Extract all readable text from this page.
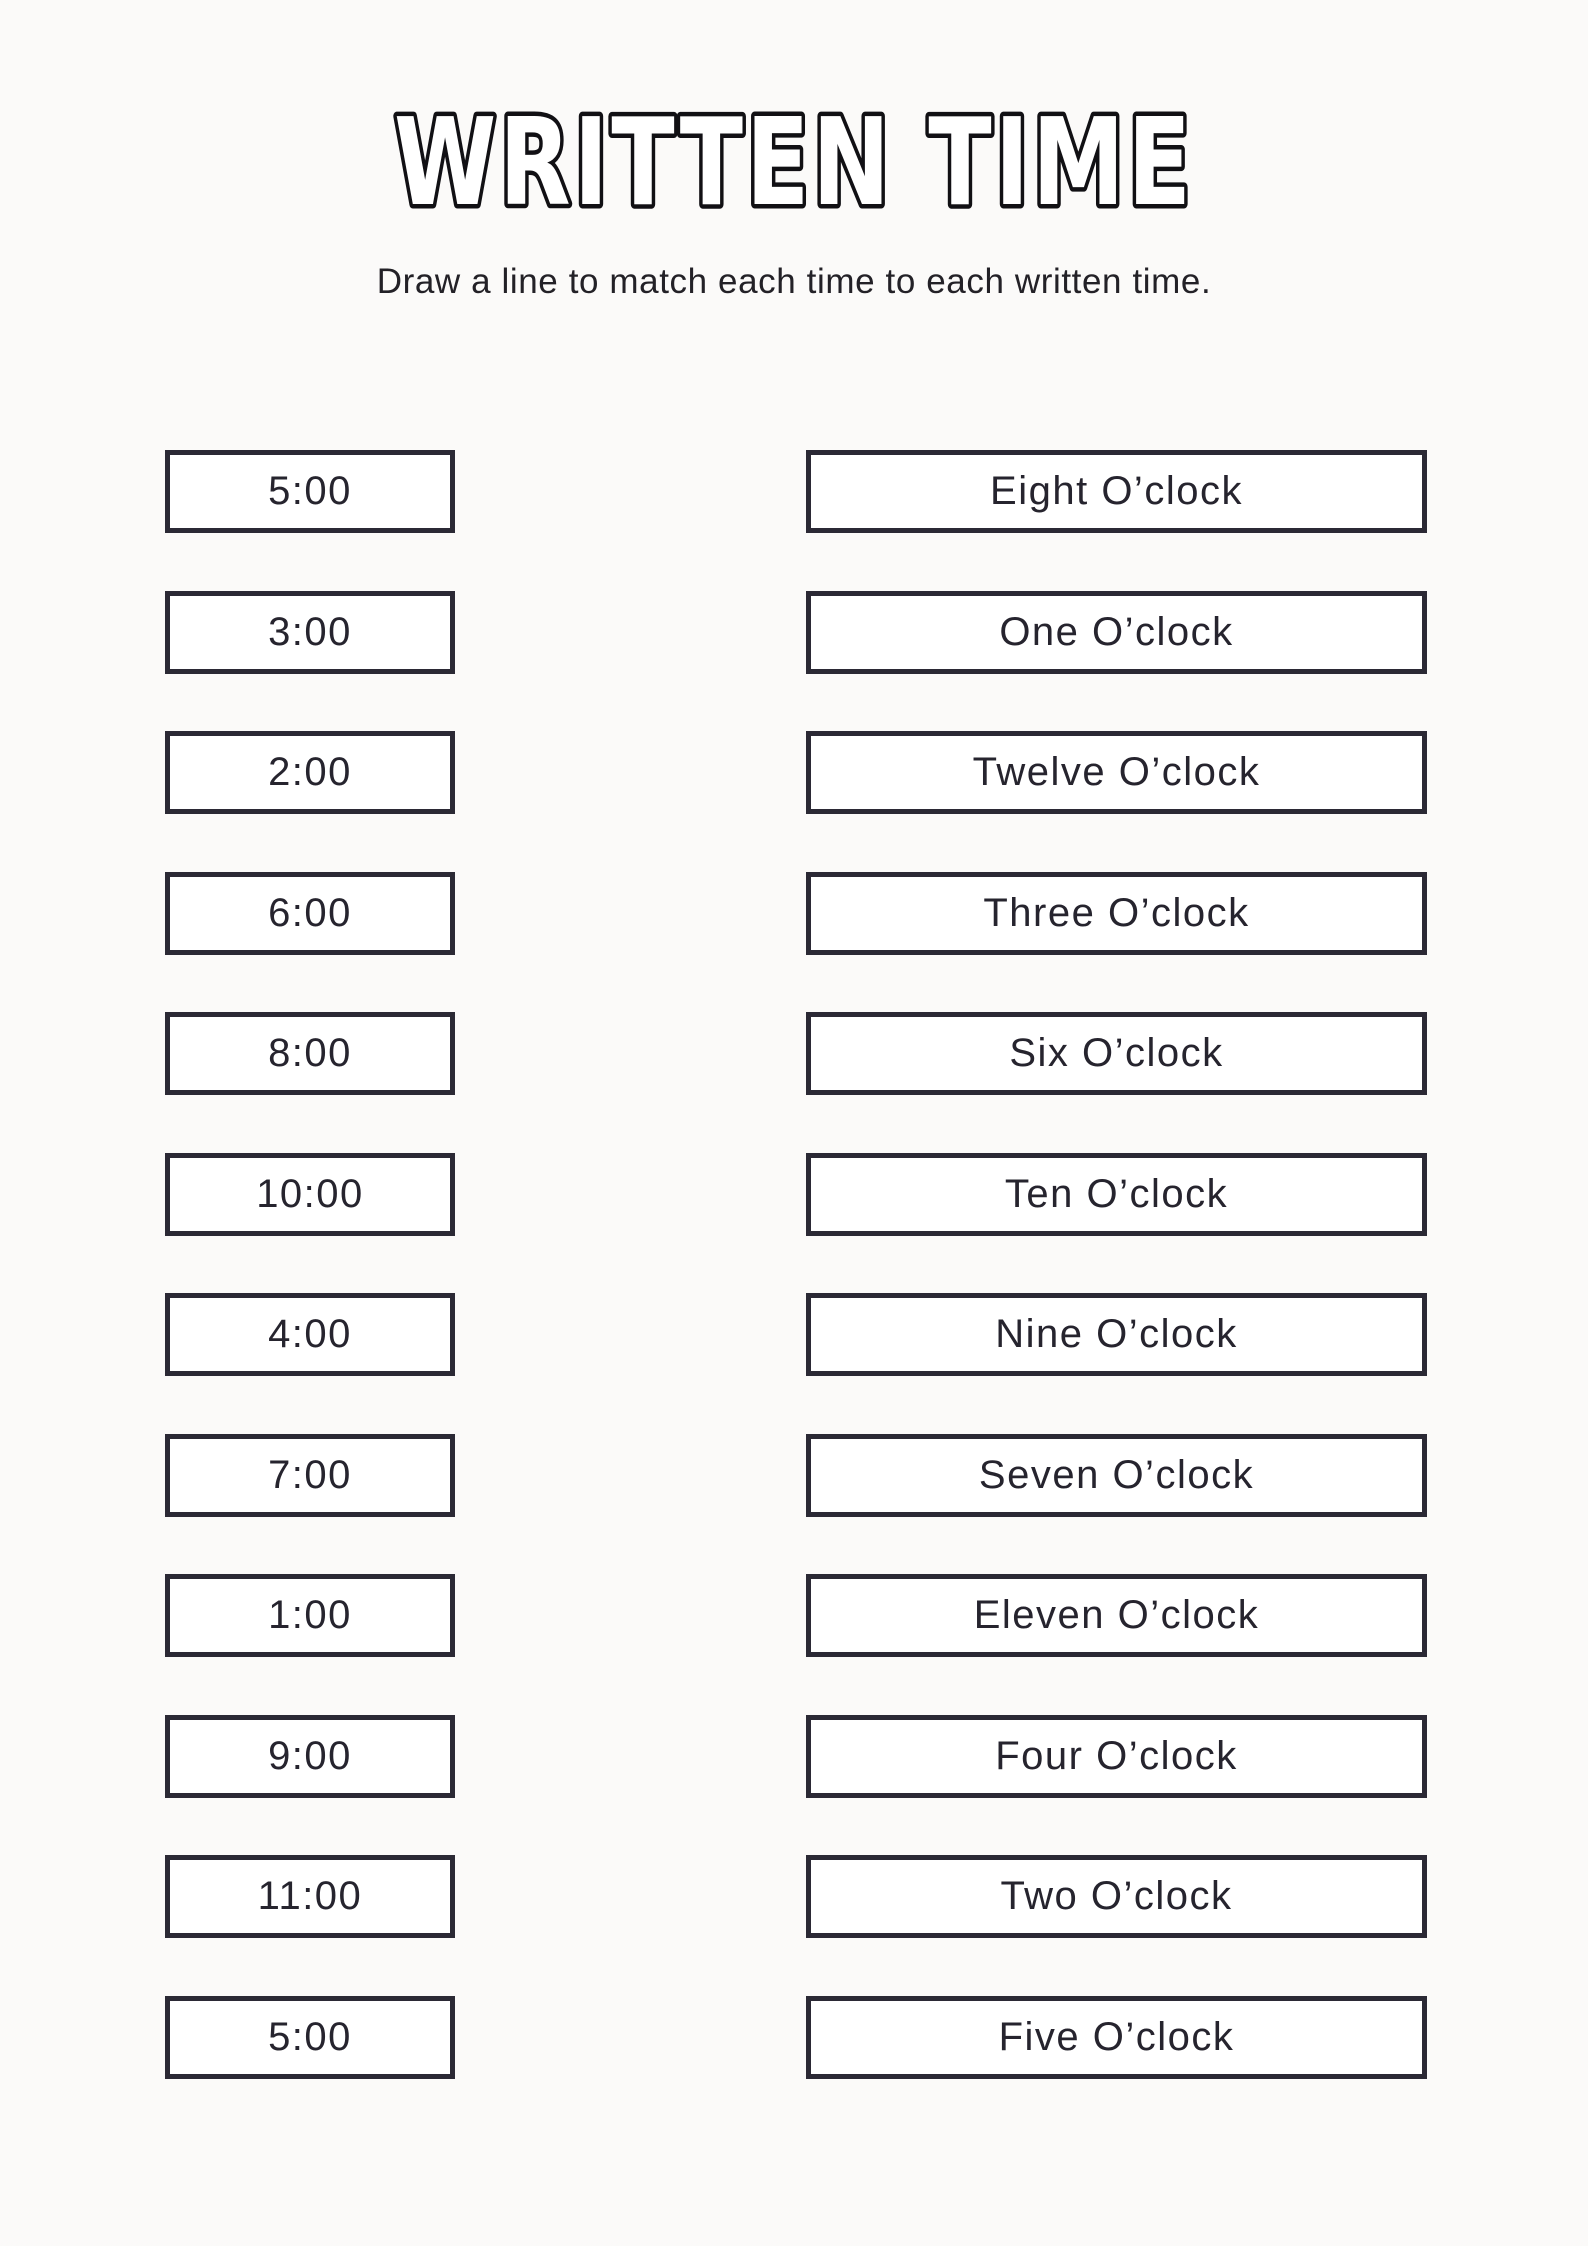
WRITTEN TIME
Draw a line to match each time to each written time.
5:00
3:00
2:00
6:00
8:00
10:00
4:00
7:00
1:00
9:00
11:00
5:00
Eight O’clock
One O’clock
Twelve O’clock
Three O’clock
Six O’clock
Ten O’clock
Nine O’clock
Seven O’clock
Eleven O’clock
Four O’clock
Two O’clock
Five O’clock
